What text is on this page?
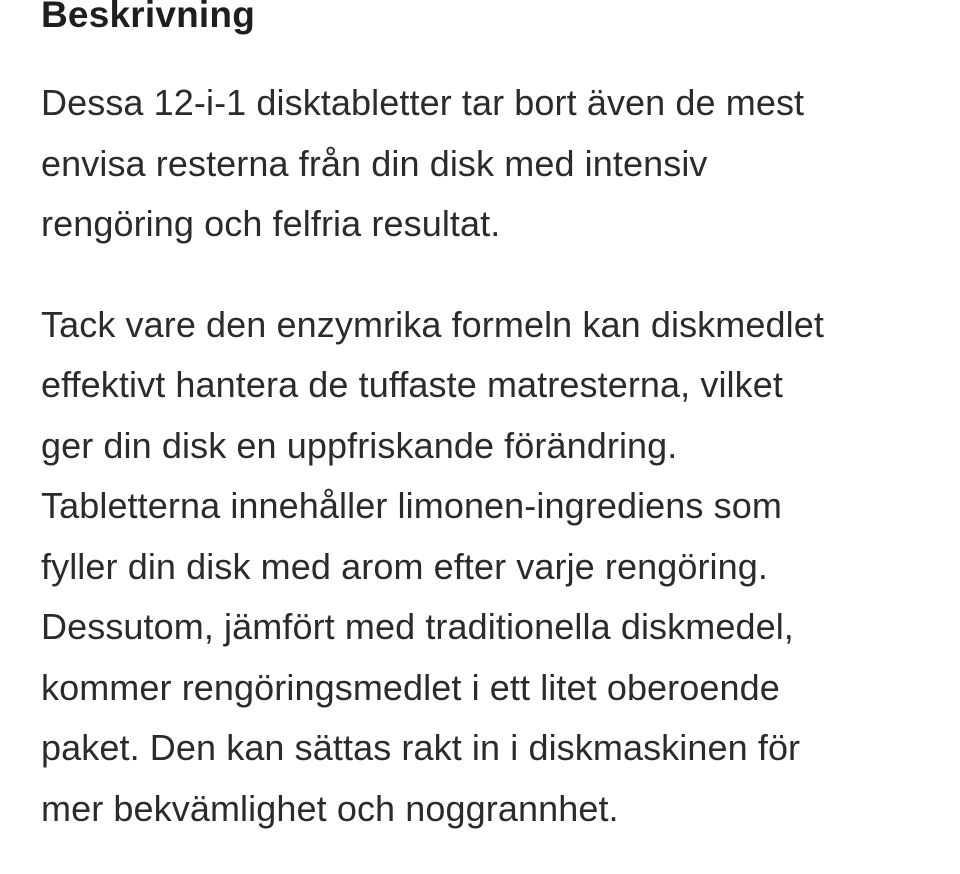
Beskrivning

Dessa 12-i-1 disktabletter tar bort även de mest
envisa resterna från din disk med intensiv
rengöring och felfria resultat.

Tack vare den enzymrika formeln kan diskmedlet
effektivt hantera de tuffaste matresterna, vilket
ger din disk en uppfriskande förändring.
Tabletterna innehåller limonen-ingrediens som
fyller din disk med arom efter varje rengöring.
Dessutom, jämfört med traditionella diskmedel,
kommer rengöringsmedlet i ett litet oberoende
paket. Den kan sättas rakt in i diskmaskinen för
mer bekvämlighet och noggrannhet.
